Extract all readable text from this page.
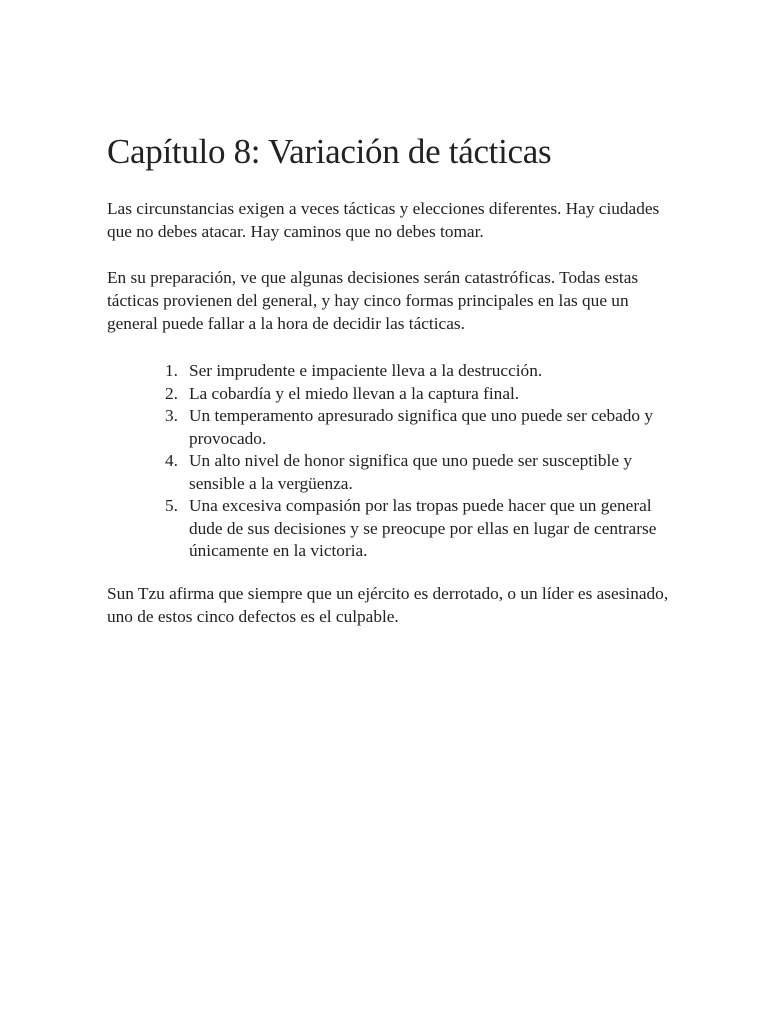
Capítulo 8: Variación de tácticas

Las circunstancias exigen a veces tácticas y elecciones diferentes. Hay ciudades que no debes atacar. Hay caminos que no debes tomar.

En su preparación, ve que algunas decisiones serán catastróficas. Todas estas tácticas provienen del general, y hay cinco formas principales en las que un general puede fallar a la hora de decidir las tácticas.

1. Ser imprudente e impaciente lleva a la destrucción.
2. La cobardía y el miedo llevan a la captura final.
3. Un temperamento apresurado significa que uno puede ser cebado y provocado.
4. Un alto nivel de honor significa que uno puede ser susceptible y sensible a la vergüenza.
5. Una excesiva compasión por las tropas puede hacer que un general dude de sus decisiones y se preocupe por ellas en lugar de centrarse únicamente en la victoria.

Sun Tzu afirma que siempre que un ejército es derrotado, o un líder es asesinado, uno de estos cinco defectos es el culpable.
